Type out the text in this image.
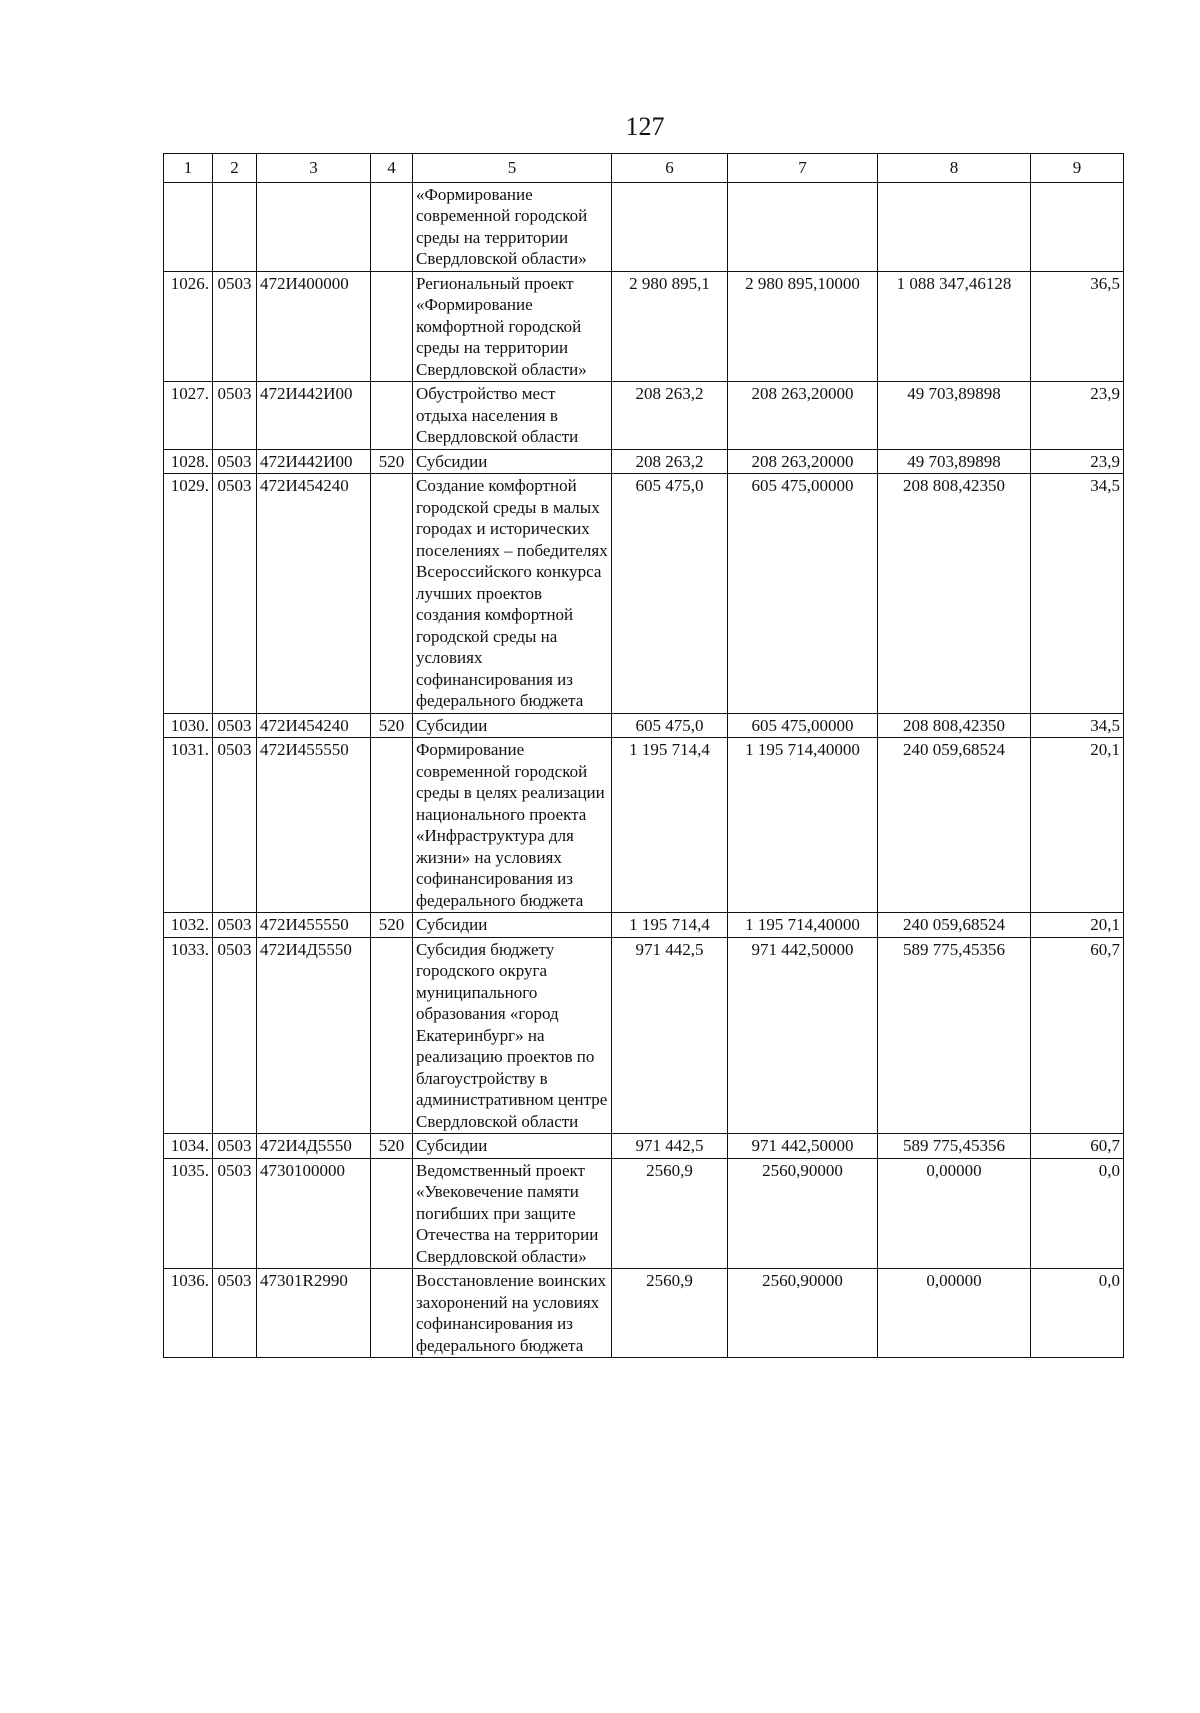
127
1	2	3	4	5	6	7	8	9
				«Формирование современной городской среды на территории Свердловской области»				
1026.	0503	472И400000		Региональный проект «Формирование комфортной городской среды на территории Свердловской области»	2 980 895,1	2 980 895,10000	1 088 347,46128	36,5
1027.	0503	472И442И00		Обустройство мест отдыха населения в Свердловской области	208 263,2	208 263,20000	49 703,89898	23,9
1028.	0503	472И442И00	520	Субсидии	208 263,2	208 263,20000	49 703,89898	23,9
1029.	0503	472И454240		Создание комфортной городской среды в малых городах и исторических поселениях – победителях Всероссийского конкурса лучших проектов создания комфортной городской среды на условиях софинансирования из федерального бюджета	605 475,0	605 475,00000	208 808,42350	34,5
1030.	0503	472И454240	520	Субсидии	605 475,0	605 475,00000	208 808,42350	34,5
1031.	0503	472И455550		Формирование современной городской среды в целях реализации национального проекта «Инфраструктура для жизни» на условиях софинансирования из федерального бюджета	1 195 714,4	1 195 714,40000	240 059,68524	20,1
1032.	0503	472И455550	520	Субсидии	1 195 714,4	1 195 714,40000	240 059,68524	20,1
1033.	0503	472И4Д5550		Субсидия бюджету городского округа муниципального образования «город Екатеринбург» на реализацию проектов по благоустройству в административном центре Свердловской области	971 442,5	971 442,50000	589 775,45356	60,7
1034.	0503	472И4Д5550	520	Субсидии	971 442,5	971 442,50000	589 775,45356	60,7
1035.	0503	4730100000		Ведомственный проект «Увековечение памяти погибших при защите Отечества на территории Свердловской области»	2560,9	2560,90000	0,00000	0,0
1036.	0503	47301R2990		Восстановление воинских захоронений на условиях софинансирования из федерального бюджета	2560,9	2560,90000	0,00000	0,0
